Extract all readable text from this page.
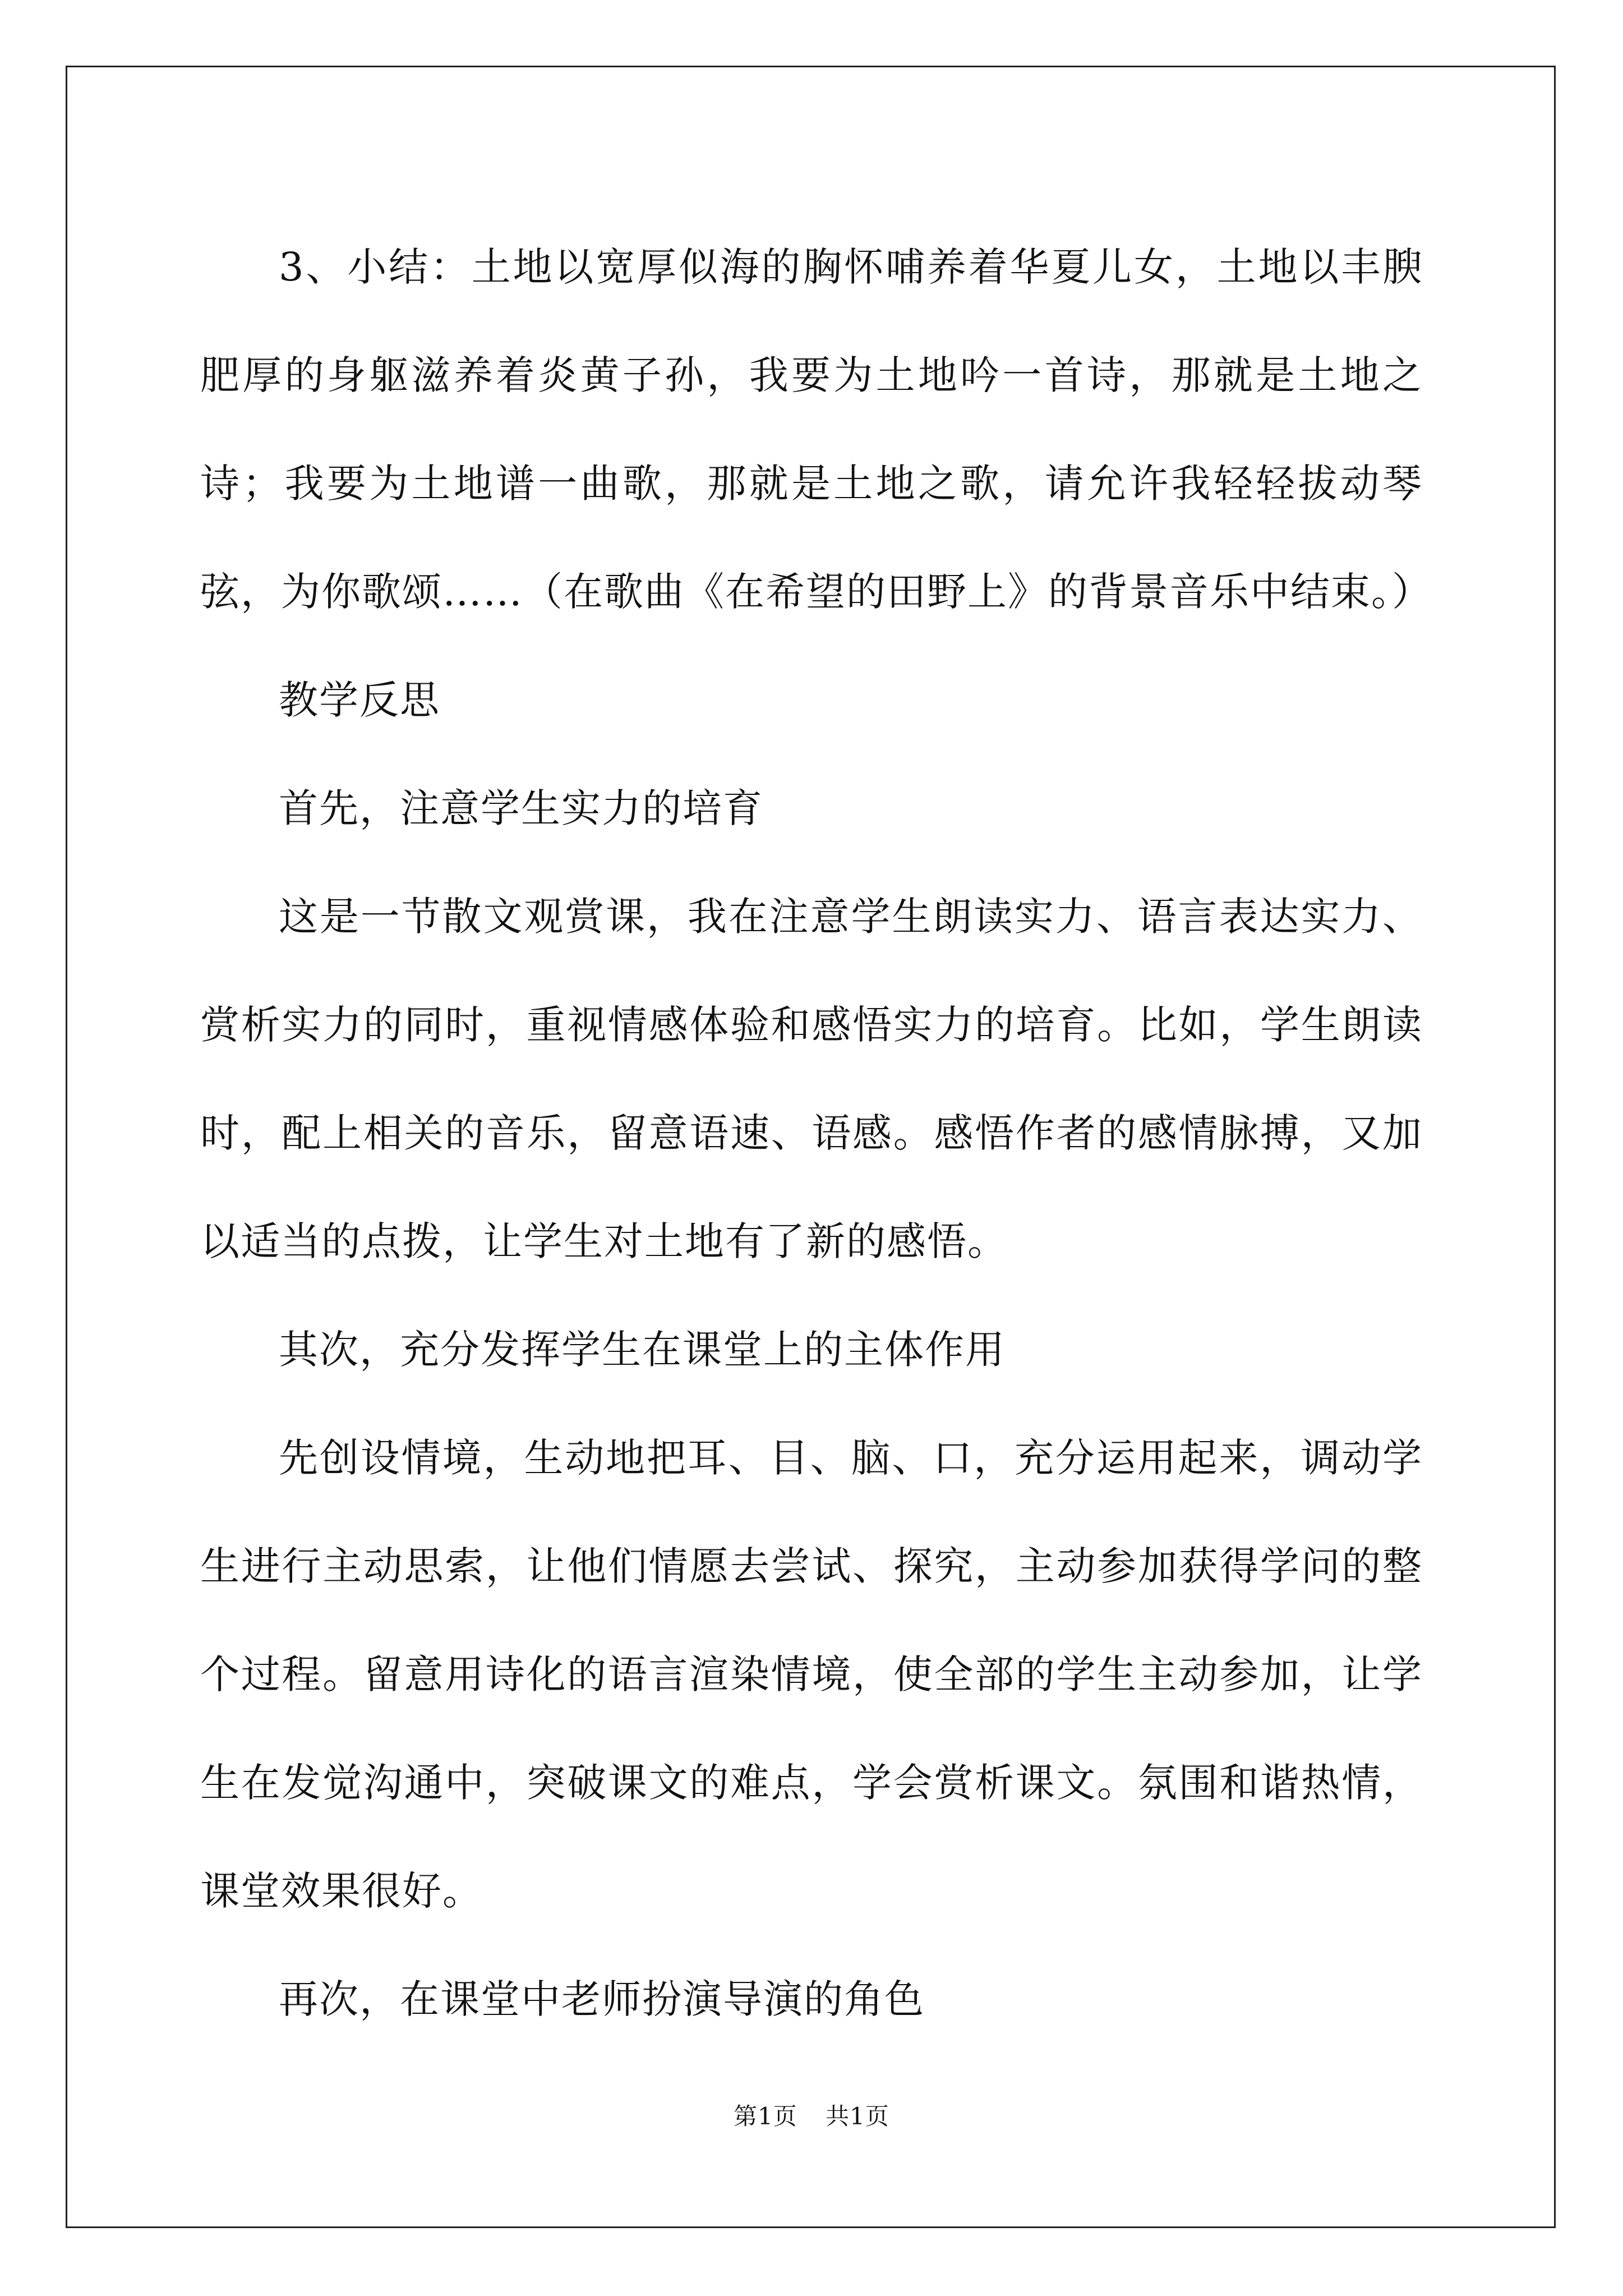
3、小结：土地以宽厚似海的胸怀哺养着华夏儿女，土地以丰腴肥厚的身躯滋养着炎黄子孙，我要为土地吟一首诗，那就是土地之诗；我要为土地谱一曲歌，那就是土地之歌，请允许我轻轻拔动琴弦，为你歌颂……（在歌曲《在希望的田野上》的背景音乐中结束。）

教学反思

首先，注意学生实力的培育

这是一节散文观赏课，我在注意学生朗读实力、语言表达实力、赏析实力的同时，重视情感体验和感悟实力的培育。比如，学生朗读时，配上相关的音乐，留意语速、语感。感悟作者的感情脉搏，又加以适当的点拨，让学生对土地有了新的感悟。

其次，充分发挥学生在课堂上的主体作用

先创设情境，生动地把耳、目、脑、口，充分运用起来，调动学生进行主动思索，让他们情愿去尝试、探究，主动参加获得学问的整个过程。留意用诗化的语言渲染情境，使全部的学生主动参加，让学生在发觉沟通中，突破课文的难点，学会赏析课文。氛围和谐热情，课堂效果很好。

再次，在课堂中老师扮演导演的角色

第1页 共1页
